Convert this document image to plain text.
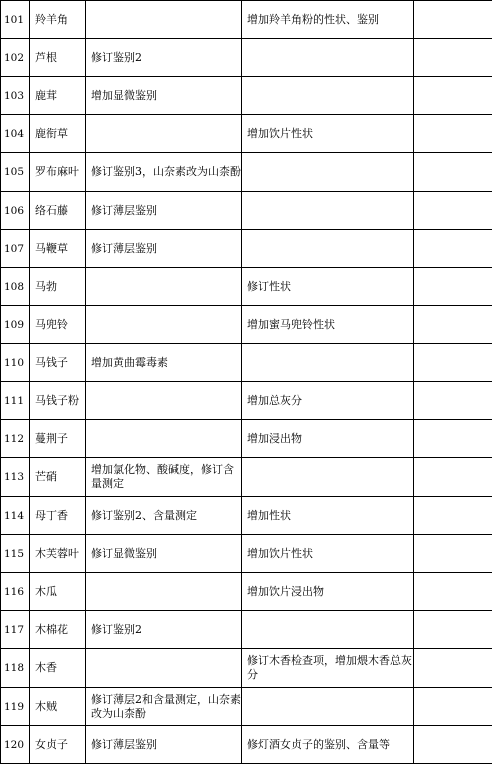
101	羚羊角		增加羚羊角粉的性状、鉴别	
102	芦根	修订鉴别2		
103	鹿茸	增加显微鉴别		
104	鹿衔草		增加饮片性状	
105	罗布麻叶	修订鉴别3，山奈素改为山柰酚		
106	络石藤	修订薄层鉴别		
107	马鞭草	修订薄层鉴别		
108	马勃		修订性状	
109	马兜铃		增加蜜马兜铃性状	
110	马钱子	增加黄曲霉毒素		
111	马钱子粉		增加总灰分	
112	蔓荆子		增加浸出物	
113	芒硝	增加氯化物、酸碱度，修订含量测定		
114	母丁香	修订鉴别2、含量测定	增加性状	
115	木芙蓉叶	修订显微鉴别	增加饮片性状	
116	木瓜		增加饮片浸出物	
117	木棉花	修订鉴别2		
118	木香		修订木香检查项，增加煨木香总灰分	
119	木贼	修订薄层2和含量测定，山奈素改为山柰酚		
120	女贞子	修订薄层鉴别	修灯酒女贞子的鉴别、含量等	
